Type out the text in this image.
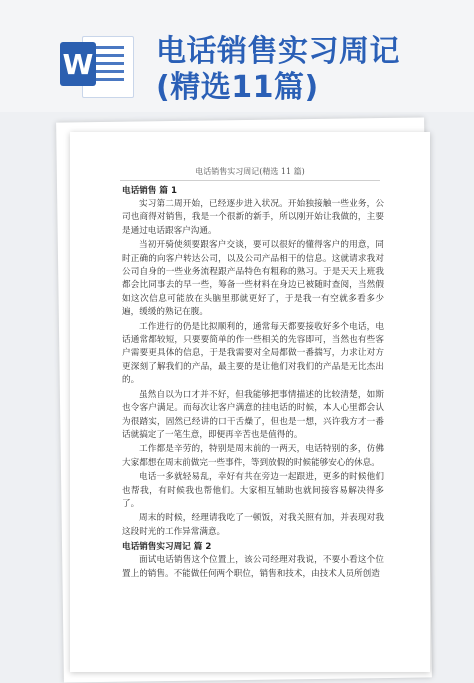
W 电话销售实习周记
(精选11篇)
电话销售实习周记(精选 11 篇)

电话销售 篇 1

实习第二周开始，已经逐步进入状况。开始独接触一些业务，公司也商得对销售，我是一个很新的新手，所以刚开始让我做的，主要是通过电话跟客户沟通。

当初开骑使须要跟客户交谈，要可以很好的懂得客户的用意，同时正确的向客户转达公司，以及公司产品相干的信息。这就请求我对公司自身的一些业务流程跟产品特色有粗称的熟习。于是天天上班我都会比同事去的早一些，筹备一些材料在身边已被随时查阅，当然假如这次信息可能放在头脑里那就更好了，于是我一有空就多看多少遍，缓缓的熟记在腹。

工作进行的仍是比拟顺利的，通常每天都要接收好多个电话，电话通常都较短，只要要简单的作一些相关的先容即可，当然也有些客户需要更具体的信息，于是我需要对全局都做一番揣写，力求让对方更深刻了解我们的产品，最主要的是让他们对我们的产品是无比杰出的。

虽然自以为口才并不好，但我能够把事情描述的比较清楚，如斯也令客户满足。而每次让客户满意的挂电话的时候，本人心里都会认为很踏实，固然已经讲的口干舌燥了，但也是一想，兴许我方才一番话就搞定了一笔生意，即便再辛苦也是值得的。

工作都是辛劳的，特别是周末前的一两天，电话特别的多，仿佛大家都想在周末前做完一些事件，等到放假的时候能够安心的休息。

电话一多就轻易乱，幸好有共在旁边一起跟进，更多的时候他们也帮我，有时候我也帮他们。大家相互辅助也就间接容易解决得多了。

周末的时候，经理请我吃了一顿饭，对我关照有加，并表现对我这段时光的工作异常满意。

电话销售实习周记 篇 2

面试电话销售这个位置上，该公司经理对我说，不要小看这个位置上的销售。不能做任何两个职位，销售和技术，由技术人员所创造
